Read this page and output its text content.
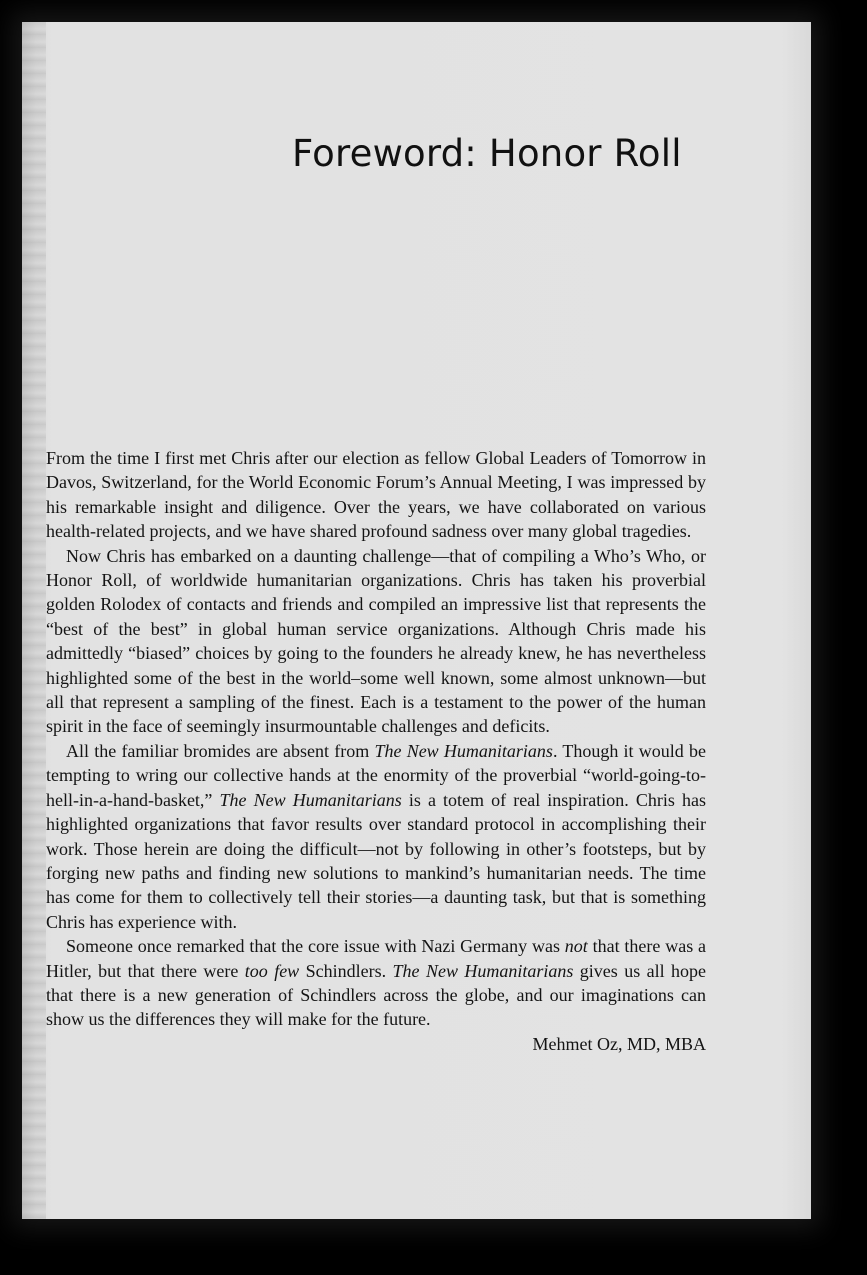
Foreword: Honor Roll

From the time I first met Chris after our election as fellow Global Leaders of Tomorrow in Davos, Switzerland, for the World Economic Forum’s Annual Meeting, I was impressed by his remarkable insight and diligence. Over the years, we have collaborated on various health-related projects, and we have shared profound sadness over many global tragedies.

Now Chris has embarked on a daunting challenge—that of compiling a Who’s Who, or Honor Roll, of worldwide humanitarian organizations. Chris has taken his proverbial golden Rolodex of contacts and friends and compiled an impressive list that represents the “best of the best” in global human service organizations. Although Chris made his admittedly “biased” choices by going to the founders he already knew, he has nevertheless highlighted some of the best in the world–some well known, some almost unknown—but all that represent a sampling of the finest. Each is a testament to the power of the human spirit in the face of seemingly insurmountable challenges and deficits.

All the familiar bromides are absent from The New Humanitarians. Though it would be tempting to wring our collective hands at the enormity of the proverbial “world-going-to-hell-in-a-hand-basket,” The New Humanitarians is a totem of real inspiration. Chris has highlighted organizations that favor results over standard protocol in accomplishing their work. Those herein are doing the difficult—not by following in other’s footsteps, but by forging new paths and finding new solutions to mankind’s humanitarian needs. The time has come for them to collectively tell their stories—a daunting task, but that is something Chris has experience with.

Someone once remarked that the core issue with Nazi Germany was not that there was a Hitler, but that there were too few Schindlers. The New Humanitarians gives us all hope that there is a new generation of Schindlers across the globe, and our imaginations can show us the differences they will make for the future.

Mehmet Oz, MD, MBA
